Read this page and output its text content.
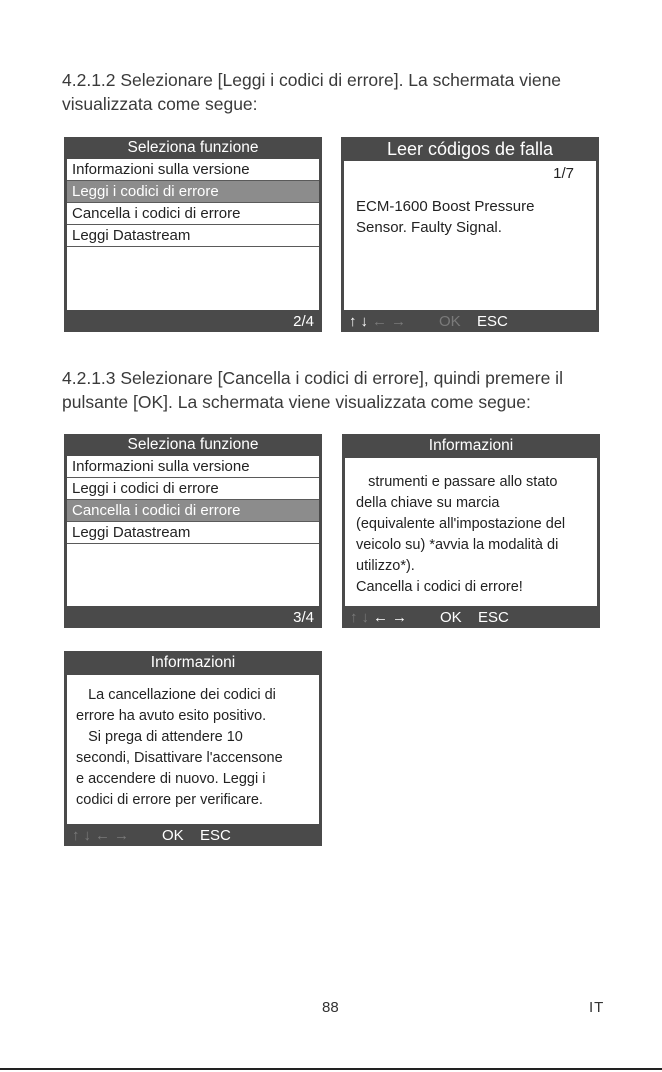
4.2.1.2 Selezionare [Leggi i codici di errore]. La schermata viene
visualizzata come segue:

Seleziona funzione
Informazioni sulla versione
Leggi i codici di errore
Cancella i codici di errore
Leggi Datastream
2/4
Leer códigos de falla
1/7
ECM-1600 Boost Pressure
Sensor. Faulty Signal.
↑ ↓ ← → OK ESC

4.2.1.3 Selezionare [Cancella i codici di errore], quindi premere il
pulsante [OK]. La schermata viene visualizzata come segue:

Seleziona funzione
Informazioni sulla versione
Leggi i codici di errore
Cancella i codici di errore
Leggi Datastream
3/4
Informazioni
strumenti e passare allo stato
della chiave su marcia
(equivalente all'impostazione del
veicolo su) *avvia la modalità di
utilizzo*).
Cancella i codici di errore!
↑ ↓ ← → OK ESC
Informazioni
La cancellazione dei codici di
errore ha avuto esito positivo.
Si prega di attendere 10
secondi, Disattivare l'accensone
e accendere di nuovo. Leggi i
codici di errore per verificare.
↑ ↓ ← → OK ESC
88	IT
